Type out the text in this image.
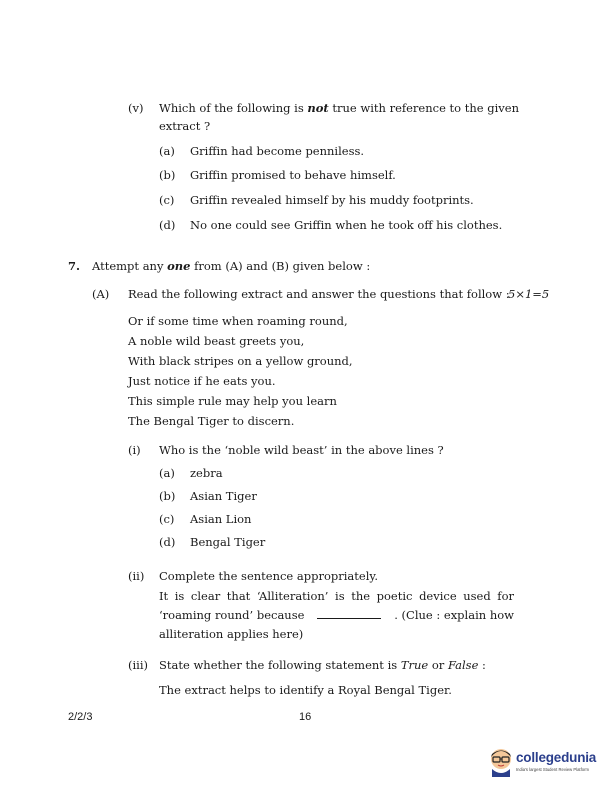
(v) Which of the following is not true with reference to the given
extract ?
(a) Griffin had become penniless.
(b) Griffin promised to behave himself.
(c) Griffin revealed himself by his muddy footprints.
(d) No one could see Griffin when he took off his clothes.
7. Attempt any one from (A) and (B) given below :
(A) Read the following extract and answer the questions that follow :
5×1=5
Or if some time when roaming round,
A noble wild beast greets you,
With black stripes on a yellow ground,
Just notice if he eats you.
This simple rule may help you learn
The Bengal Tiger to discern.
(i) Who is the ‘noble wild beast’ in the above lines ?
(a) zebra
(b) Asian Tiger
(c) Asian Lion
(d) Bengal Tiger
(ii) Complete the sentence appropriately.
It is clear that ‘Alliteration’ is the poetic device used for
‘roaming round’ because	. (Clue : explain how
alliteration applies here)
(iii) State whether the following statement is True or False :
The extract helps to identify a Royal Bengal Tiger.
2/2/3	16
collegedunia
India's largest Student Review Platform
